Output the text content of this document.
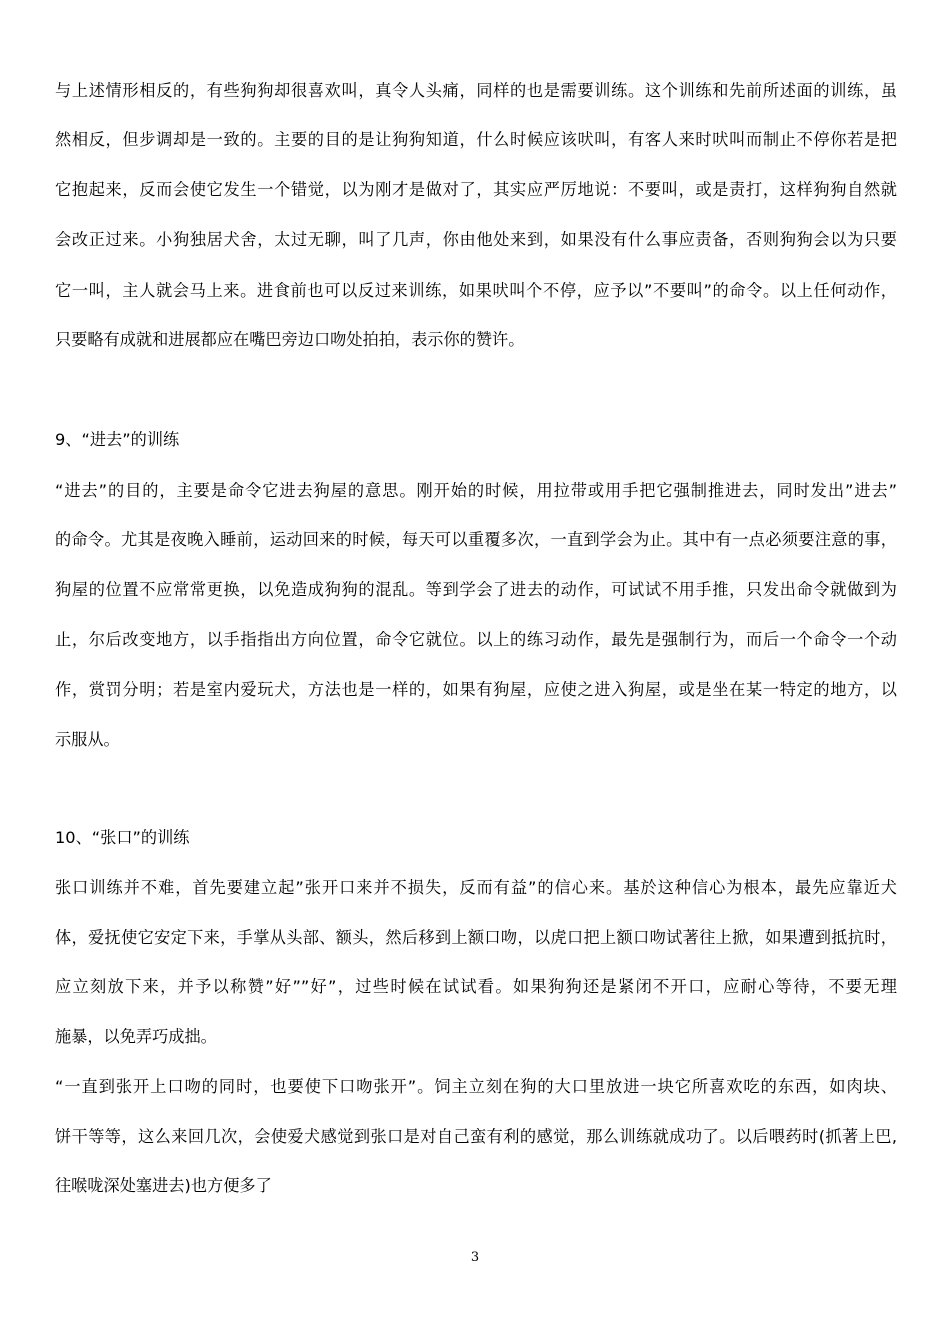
与上述情形相反的，有些狗狗却很喜欢叫，真令人头痛，同样的也是需要训练。这个训练和先前所述面的训练，虽
然相反，但步调却是一致的。主要的目的是让狗狗知道，什么时候应该吠叫，有客人来时吠叫而制止不停你若是把
它抱起来，反而会使它发生一个错觉，以为刚才是做对了，其实应严厉地说：不要叫，或是责打，这样狗狗自然就
会改正过来。小狗独居犬舍，太过无聊，叫了几声，你由他处来到，如果没有什么事应责备，否则狗狗会以为只要
它一叫，主人就会马上来。进食前也可以反过来训练，如果吠叫个不停，应予以”不要叫”的命令。以上任何动作，
只要略有成就和进展都应在嘴巴旁边口吻处拍拍，表示你的赞许。
9、“进去”的训练
“进去”的目的，主要是命令它进去狗屋的意思。刚开始的时候，用拉带或用手把它强制推进去，同时发出”进去”
的命令。尤其是夜晚入睡前，运动回来的时候，每天可以重覆多次，一直到学会为止。其中有一点必须要注意的事，
狗屋的位置不应常常更换，以免造成狗狗的混乱。等到学会了进去的动作，可试试不用手推，只发出命令就做到为
止，尔后改变地方，以手指指出方向位置，命令它就位。以上的练习动作，最先是强制行为，而后一个命令一个动
作，赏罚分明；若是室内爱玩犬，方法也是一样的，如果有狗屋，应使之进入狗屋，或是坐在某一特定的地方，以
示服从。
10、“张口”的训练
张口训练并不难，首先要建立起”张开口来并不损失，反而有益”的信心来。基於这种信心为根本，最先应靠近犬
体，爱抚使它安定下来，手掌从头部、额头，然后移到上额口吻，以虎口把上额口吻试著往上掀，如果遭到抵抗时，
应立刻放下来，并予以称赞”好””好”，过些时候在试试看。如果狗狗还是紧闭不开口，应耐心等待，不要无理
施暴，以免弄巧成拙。
“一直到张开上口吻的同时，也要使下口吻张开”。饲主立刻在狗的大口里放进一块它所喜欢吃的东西，如肉块、
饼干等等，这么来回几次，会使爱犬感觉到张口是对自己蛮有利的感觉，那么训练就成功了。以后喂药时(抓著上巴,
往喉咙深处塞进去)也方便多了
3
